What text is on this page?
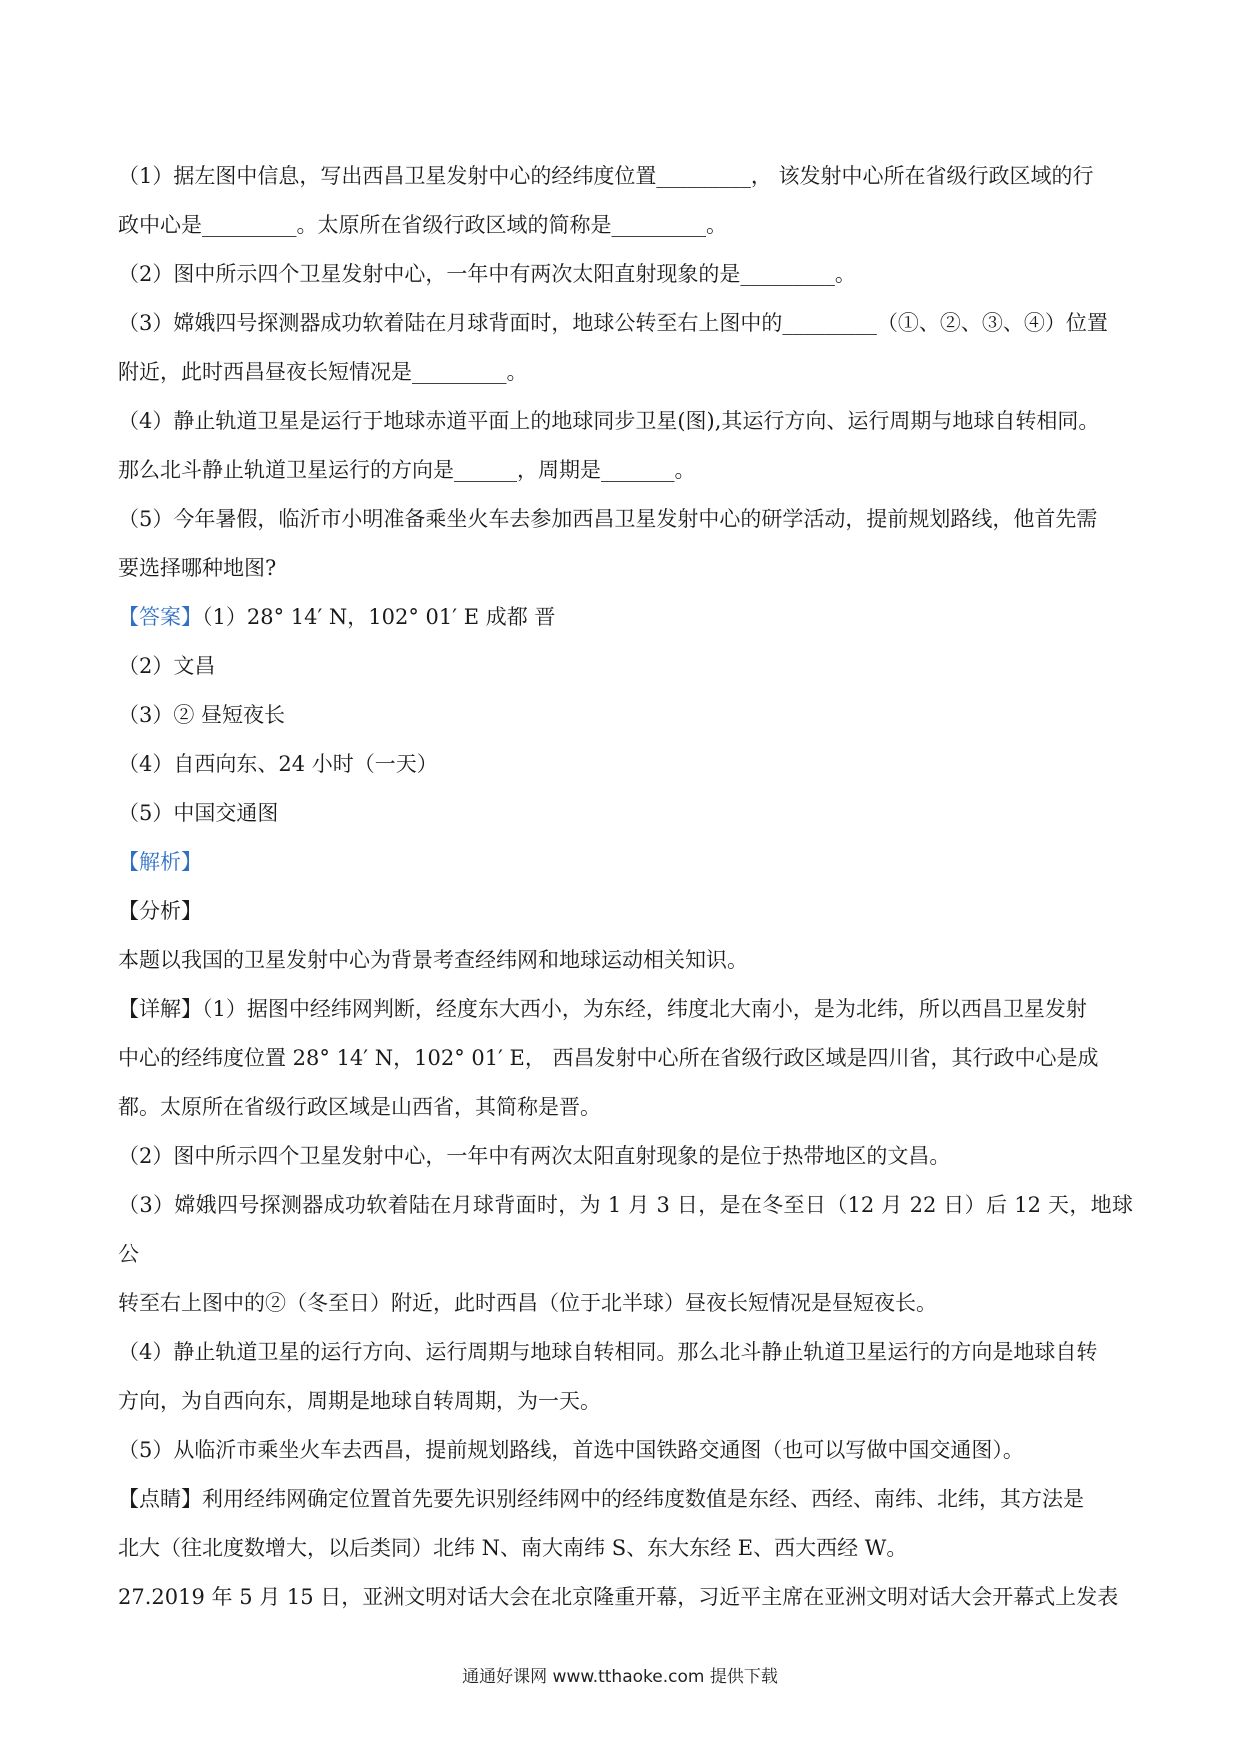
（1）据左图中信息，写出西昌卫星发射中心的经纬度位置_________， 该发射中心所在省级行政区域的行

政中心是_________。太原所在省级行政区域的简称是_________。

（2）图中所示四个卫星发射中心，一年中有两次太阳直射现象的是_________。

（3）嫦娥四号探测器成功软着陆在月球背面时，地球公转至右上图中的_________（①、②、③、④）位置

附近，此时西昌昼夜长短情况是_________。

（4）静止轨道卫星是运行于地球赤道平面上的地球同步卫星(图),其运行方向、运行周期与地球自转相同。

那么北斗静止轨道卫星运行的方向是______，周期是_______。

（5）今年暑假，临沂市小明准备乘坐火车去参加西昌卫星发射中心的研学活动，提前规划路线，他首先需

要选择哪种地图?

【答案】（1）28° 14′ N，102° 01′ E 成都 晋

（2）文昌

（3）② 昼短夜长

（4）自西向东、24 小时（一天）

（5）中国交通图

【解析】

【分析】

本题以我国的卫星发射中心为背景考查经纬网和地球运动相关知识。

【详解】（1）据图中经纬网判断，经度东大西小，为东经，纬度北大南小，是为北纬，所以西昌卫星发射

中心的经纬度位置 28° 14′ N，102° 01′ E， 西昌发射中心所在省级行政区域是四川省，其行政中心是成

都。太原所在省级行政区域是山西省，其简称是晋。

（2）图中所示四个卫星发射中心，一年中有两次太阳直射现象的是位于热带地区的文昌。

（3）嫦娥四号探测器成功软着陆在月球背面时，为 1 月 3 日，是在冬至日（12 月 22 日）后 12 天，地球公

转至右上图中的②（冬至日）附近，此时西昌（位于北半球）昼夜长短情况是昼短夜长。

（4）静止轨道卫星的运行方向、运行周期与地球自转相同。那么北斗静止轨道卫星运行的方向是地球自转

方向，为自西向东，周期是地球自转周期，为一天。

（5）从临沂市乘坐火车去西昌，提前规划路线，首选中国铁路交通图（也可以写做中国交通图）。

【点睛】利用经纬网确定位置首先要先识别经纬网中的经纬度数值是东经、西经、南纬、北纬，其方法是

北大（往北度数增大，以后类同）北纬 N、南大南纬 S、东大东经 E、西大西经 W。

27.2019 年 5 月 15 日，亚洲文明对话大会在北京隆重开幕，习近平主席在亚洲文明对话大会开幕式上发表

通通好课网 www.tthaoke.com 提供下载
